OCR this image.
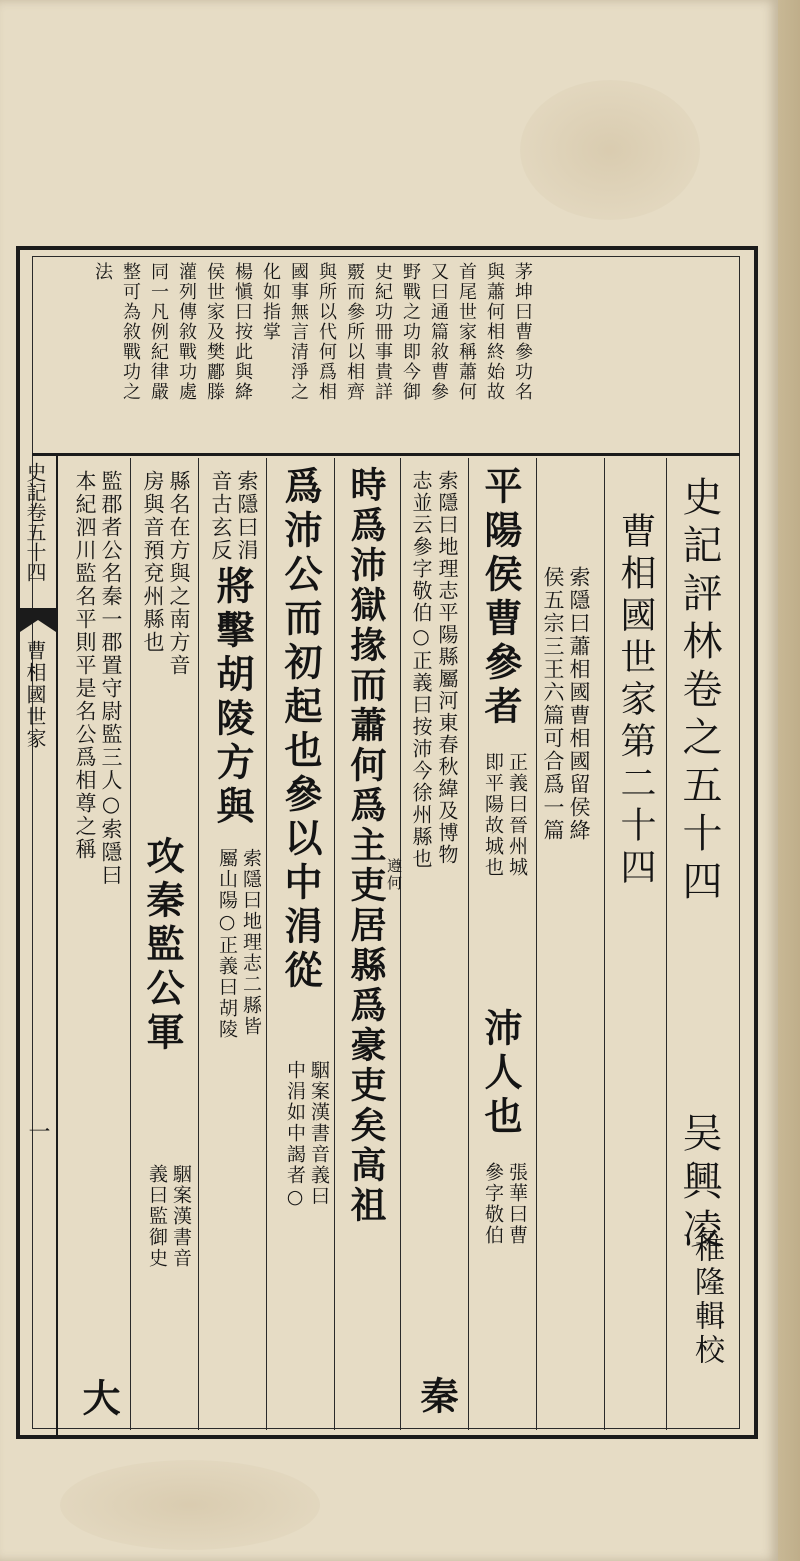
茅坤曰曹參功名
與蕭何相終始故
首尾世家稱蕭何
又曰通篇敘曹參
野戰之功即今御
史紀功冊事貴詳
覈而參所以相齊
與所以代何爲相
國事無言清淨之
化如指掌
楊愼曰按此與絳
侯世家及樊酈滕
灌列傳敘戰功處
同一凡例紀律嚴
整可為敘戰功之
法
史記評林卷之五十四
吴興凌
稚隆輯校
曹相國世家第二十四
索隱曰蕭相國曹相國留侯絳
侯五宗三王六篇可合爲一篇
平陽侯曹參者
正義曰晉州城
即平陽故城也
沛人也
張華曰曹
參字敬伯
索隱曰地理志平陽縣屬河東春秋緯及博物
志並云參字敬伯○正義曰按沛今徐州縣也
秦
時爲沛獄掾而蕭何爲主吏居縣爲豪吏矣高祖
遵何
爲沛公而初起也參以中涓從
駰案漢書音義曰
中涓如中謁者○
索隱曰涓
音古玄反
將擊胡陵方與
索隱曰地理志二縣皆
屬山陽○正義曰胡陵
縣名在方與之南方音
房與音預兗州縣也
攻秦監公軍
駰案漢書音
義曰監御史
監郡者公名秦一郡置守尉監三人○索隱曰
本紀泗川監名平則平是名公爲相尊之稱
大
史記卷五十四
曹相國世家
一
